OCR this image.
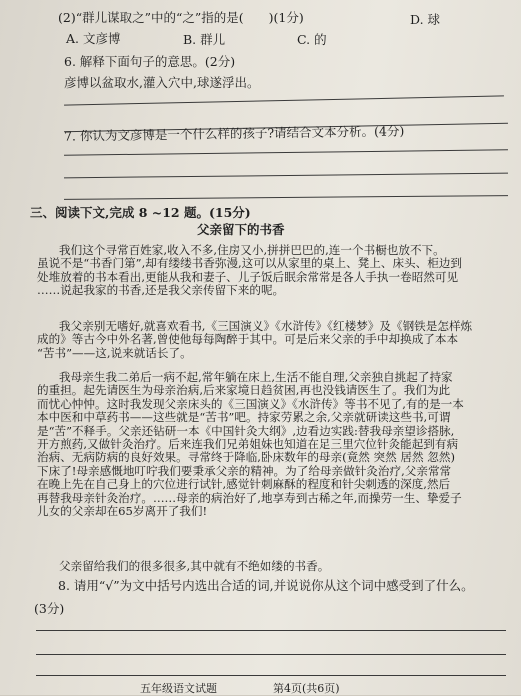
(2)“群儿谋取之”中的“之”指的是(　　)(1分)	D. 球
A. 文彦博	B. 群儿	C. 的
6. 解释下面句子的意思。(2分)
彦博以盆取水,灌入穴中,球遂浮出。
7. 你认为文彦博是一个什么样的孩子?请结合文本分析。(4分)
三、阅读下文,完成 8 ~12 题。(15分)
父亲留下的书香
我们这个寻常百姓家,收入不多,住房又小,拼拼巴巴的,连一个书橱也放不下。
虽说不是“书香门第”,却有缕缕书香弥漫,这可以从家里的桌上、凳上、床头、柜边到
处堆放着的书本看出,更能从我和妻子、儿子饭后眠余常常是各人手执一卷昭然可见
……说起我家的书香,还是我父亲传留下来的呢。
我父亲别无嗜好,就喜欢看书,《三国演义》《水浒传》《红楼梦》及《钢铁是怎样炼
成的》等古今中外名著,曾使他每每陶醉于其中。可是后来父亲的手中却换成了本本
“苦书”——这,说来就话长了。
我母亲生我二弟后一病不起,常年躺在床上,生活不能自理,父亲独自挑起了持家
的重担。起先请医生为母亲治病,后来家境日趋贫困,再也没钱请医生了。我们为此
而忧心忡忡。这时我发现父亲床头的《三国演义》《水浒传》等书不见了,有的是一本
本中医和中草药书——这些就是“苦书”吧。持家劳累之余,父亲就研读这些书,可谓
是“苦”不释手。父亲还钻研一本《中国针灸大纲》,边看边实践:替我母亲望诊搭脉,
开方煎药,又做针灸治疗。后来连我们兄弟姐妹也知道在足三里穴位针灸能起到有病
治病、无病防病的良好效果。寻常终于降临,卧床数年的母亲(竟然 突然 居然 忽然)
下床了!母亲感慨地叮咛我们要秉承父亲的精神。为了给母亲做针灸治疗,父亲常常
在晚上先在自己身上的穴位进行试针,感觉针刺麻酥的程度和针尖刺透的深度,然后
再替我母亲针灸治疗。……母亲的病治好了,地享寿到古稀之年,而操劳一生、挚爱子
儿女的父亲却在65岁离开了我们!
父亲留给我们的很多很多,其中就有不绝如缕的书香。
8. 请用“√”为文中括号内选出合适的词,并说说你从这个词中感受到了什么。
(3分)
五年级语文试题	第4页(共6页)
